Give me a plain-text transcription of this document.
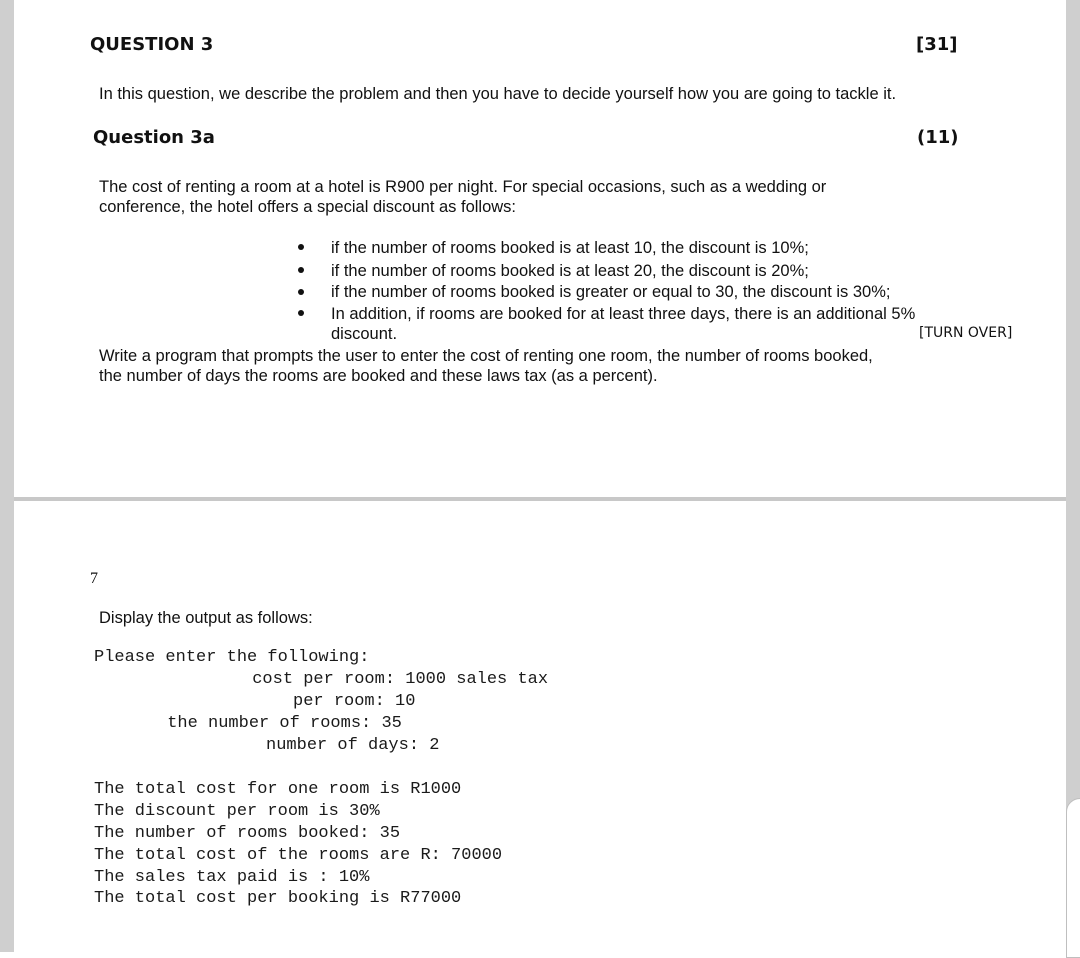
QUESTION 3	[31]
In this question, we describe the problem and then you have to decide yourself how you are going to tackle it.
Question 3a	(11)
The cost of renting a room at a hotel is R900 per night. For special occasions, such as a wedding or
conference, the hotel offers a special discount as follows:
if the number of rooms booked is at least 10, the discount is 10%;
if the number of rooms booked is at least 20, the discount is 20%;
if the number of rooms booked is greater or equal to 30, the discount is 30%;
In addition, if rooms are booked for at least three days, there is an additional 5%
discount.	[TURN OVER]
Write a program that prompts the user to enter the cost of renting one room, the number of rooms booked,
the number of days the rooms are booked and these laws tax (as a percent).
7
Display the output as follows:
Please enter the following:
cost per room: 1000 sales tax
per room: 10
the number of rooms: 35
number of days: 2
The total cost for one room is R1000
The discount per room is 30%
The number of rooms booked: 35
The total cost of the rooms are R: 70000
The sales tax paid is : 10%
The total cost per booking is R77000
